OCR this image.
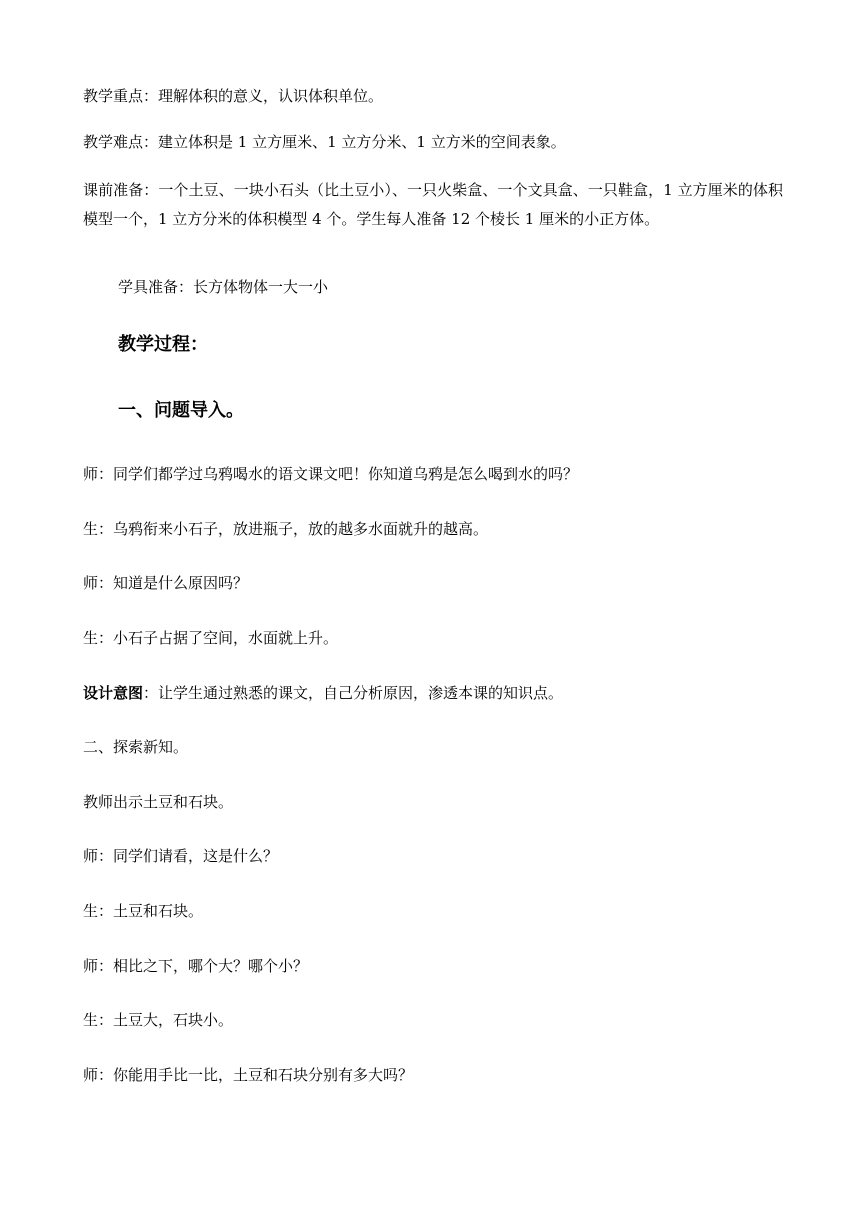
教学重点：理解体积的意义，认识体积单位。
教学难点：建立体积是 1 立方厘米、1 立方分米、1 立方米的空间表象。
课前准备：一个土豆、一块小石头（比土豆小）、一只火柴盒、一个文具盒、一只鞋盒，1 立方厘米的体积模型一个，1 立方分米的体积模型 4 个。学生每人准备 12 个棱长 1 厘米的小正方体。
学具准备：长方体物体一大一小
教学过程：
一、问题导入。
师：同学们都学过乌鸦喝水的语文课文吧！你知道乌鸦是怎么喝到水的吗？
生：乌鸦衔来小石子，放进瓶子，放的越多水面就升的越高。
师：知道是什么原因吗？
生：小石子占据了空间，水面就上升。
设计意图：让学生通过熟悉的课文，自己分析原因，渗透本课的知识点。
二、探索新知。
教师出示土豆和石块。
师：同学们请看，这是什么？
生：土豆和石块。
师：相比之下，哪个大？哪个小？
生：土豆大，石块小。
师：你能用手比一比，土豆和石块分别有多大吗？
